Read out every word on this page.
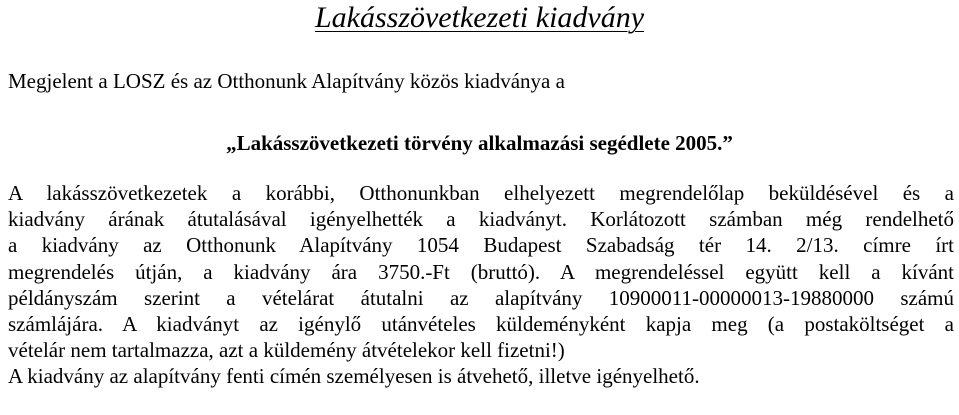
Lakásszövetkezeti kiadvány
Megjelent a LOSZ és az Otthonunk Alapítvány közös kiadványa a
„Lakásszövetkezeti törvény alkalmazási segédlete 2005.”
A lakásszövetkezetek a korábbi, Otthonunkban elhelyezett megrendelőlap beküldésével és a
kiadvány árának átutalásával igényelhették a kiadványt. Korlátozott számban még rendelhető
a kiadvány az Otthonunk Alapítvány 1054 Budapest Szabadság tér 14. 2/13. címre írt
megrendelés útján, a kiadvány ára 3750.-Ft (bruttó). A megrendeléssel együtt kell a kívánt
példányszám szerint a vételárat átutalni az alapítvány 10900011-00000013-19880000 számú
számlájára. A kiadványt az igénylő utánvételes küldeményként kapja meg (a postaköltséget a
vételár nem tartalmazza, azt a küldemény átvételekor kell fizetni!)
A kiadvány az alapítvány fenti címén személyesen is átvehető, illetve igényelhető.
